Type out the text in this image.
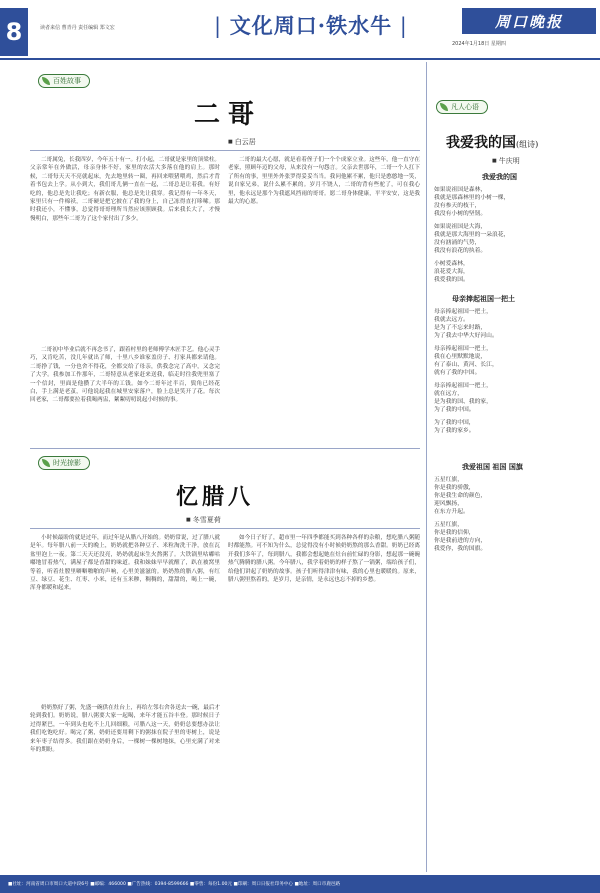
8	读者来信 曹青丹 责任编辑 郑文宏	| 文化周口·铁水牛 |	周口晚报
2024年1月18日 星期四
百姓故事
二哥
■ 白云居
二哥属兔，长我四岁，今年五十有一。打小起，二哥就是家里的顶梁柱。父亲常年在外做活，母亲身体不好，家里的农活大多落在他的肩上。那时候，二哥每天天不亮就起床，先去地里转一圈，再回来喂猪喂鸡，然后才背着书包去上学。从小到大，我们哥儿俩一直在一起，二哥总是让着我。有好吃的，他总是先让我吃；有新衣服，他总是先让我穿。我记得有一年冬天，家里只有一件棉袄，二哥硬是把它披在了我的身上，自己冻得直打哆嗦。那时我还小，不懂事，总觉得哥哥理所当然应该照顾我。后来我长大了，才慢慢明白，那些年二哥为了这个家付出了多少。
二哥初中毕业后就不再念书了，跟着村里的老师傅学木匠手艺。他心灵手巧，又肯吃苦，没几年就出了师，十里八乡谁家盖房子、打家具都来请他。二哥挣了钱，一分也舍不得花，全都交给了母亲，供我念完了高中，又念完了大学。我参加工作那年，二哥特意从老家赶来送我，临走时往我兜里塞了一个信封，里面是他攒了大半年的工钱。如今二哥年过半百，鬓角已经花白，手上满是老茧，可他说起我在城里安家落户，脸上总是笑开了花。每次回老家，二哥都要拉着我喝两盅，絮絮叨叨说起小时候的事。
二哥的最大心愿，就是看着侄子们一个个成家立业。这些年，他一直守在老家，照顾年迈的父母，从来没有一句怨言。父亲去世那年，二哥一个人扛下了所有的事，里里外外张罗得妥妥当当。我问他累不累，他只是憨憨地一笑，说自家兄弟，说什么累不累的。岁月不饶人，二哥的背有些驼了，可在我心里，他永远是那个为我遮风挡雨的哥哥。愿二哥身体健康，平平安安，这是我最大的心愿。
时光掠影
忆腊八
■ 冬雪夏荷
小时候最盼的就是过年，而过年是从腊八开始的。奶奶常说，过了腊八就是年。每年腊八前一天的晚上，奶奶就把各种豆子、米粒淘洗干净，放在瓦盆里泡上一夜。第二天天还没亮，奶奶就起床生火熬粥了。大铁锅里咕嘟咕嘟地冒着热气，满屋子都是香甜的味道。我和妹妹早早就醒了，趴在被窝里等着，听着灶膛里噼噼啪啪的声响，心里美滋滋的。奶奶熬的腊八粥，有红豆、绿豆、花生、红枣、小米，还有玉米糁，稠稠的，甜甜的，喝上一碗，浑身都暖和起来。
奶奶熬好了粥，先盛一碗供在灶台上，再给左邻右舍各送去一碗，最后才轮到我们。奶奶说，腊八粥要大家一起喝，来年才能五谷丰登。那时候日子过得紧巴，一年到头也吃不上几回细粮，可腊八这一天，奶奶总要想办法让我们吃饱吃好。喝完了粥，奶奶还要用剩下的粥抹在院子里的枣树上，说是来年枣子结得多。我们跟在奶奶身后，一棵树一棵树地抹，心里充满了对来年的期盼。
如今日子好了，超市里一年四季都能买到各种各样的杂粮，想吃腊八粥随时都能熬。可不知为什么，总觉得没有小时候奶奶熬的那么香甜。奶奶已经离开我们多年了，每到腊八，我都会想起她在灶台前忙碌的身影，想起那一碗碗热气腾腾的腊八粥。今年腊八，我学着奶奶的样子熬了一锅粥，端给孩子们，给他们讲起了奶奶的故事。孩子们听得津津有味，我的心里也暖暖的。原来，腊八粥里熬着的，是岁月，是亲情，是永远也忘不掉的乡愁。
凡人心语
我爱我的国(组诗)
■ 牛庆明
我爱我的国
如果说祖国是森林，
我就是那森林里的小树一棵，
没有参天的枝干，
我没有小树的坚韧。
如果说祖国是大海，
我就是那大海里的一朵浪花，
没有汹涌的气势，
我没有浪花的执着。
小树爱森林，
浪花爱大海，
我爱我的国。
母亲捧起祖国一把土
母亲捧起祖国一把土，
我就去远方。
是为了不忘来时路，
为了我去中华大好河山。
母亲捧起祖国一把土，
我在心里默默地说，
有了泰山、黄河、长江，
就有了我的中国。
母亲捧起祖国一把土，
就在远方，
是为我的国、我的家，
为了我的中国。
为了我的中国，
为了我的家乡。
我爱祖国 祖国 国旗
五星红旗，
你是我的骄傲，
你是我生命的颜色，
迎风飘扬，
在东方升起。
五星红旗，
你是我的信仰，
你是我前进的方向，
我爱你，我的国旗。
■社址：河南省周口市周口大道中段6号 ■邮编：466000 ■广告热线：0394-8599666 ■零售：每份1.00元 ■印刷：周口日报社印务中心 ■地址：周口市鹿邑路
